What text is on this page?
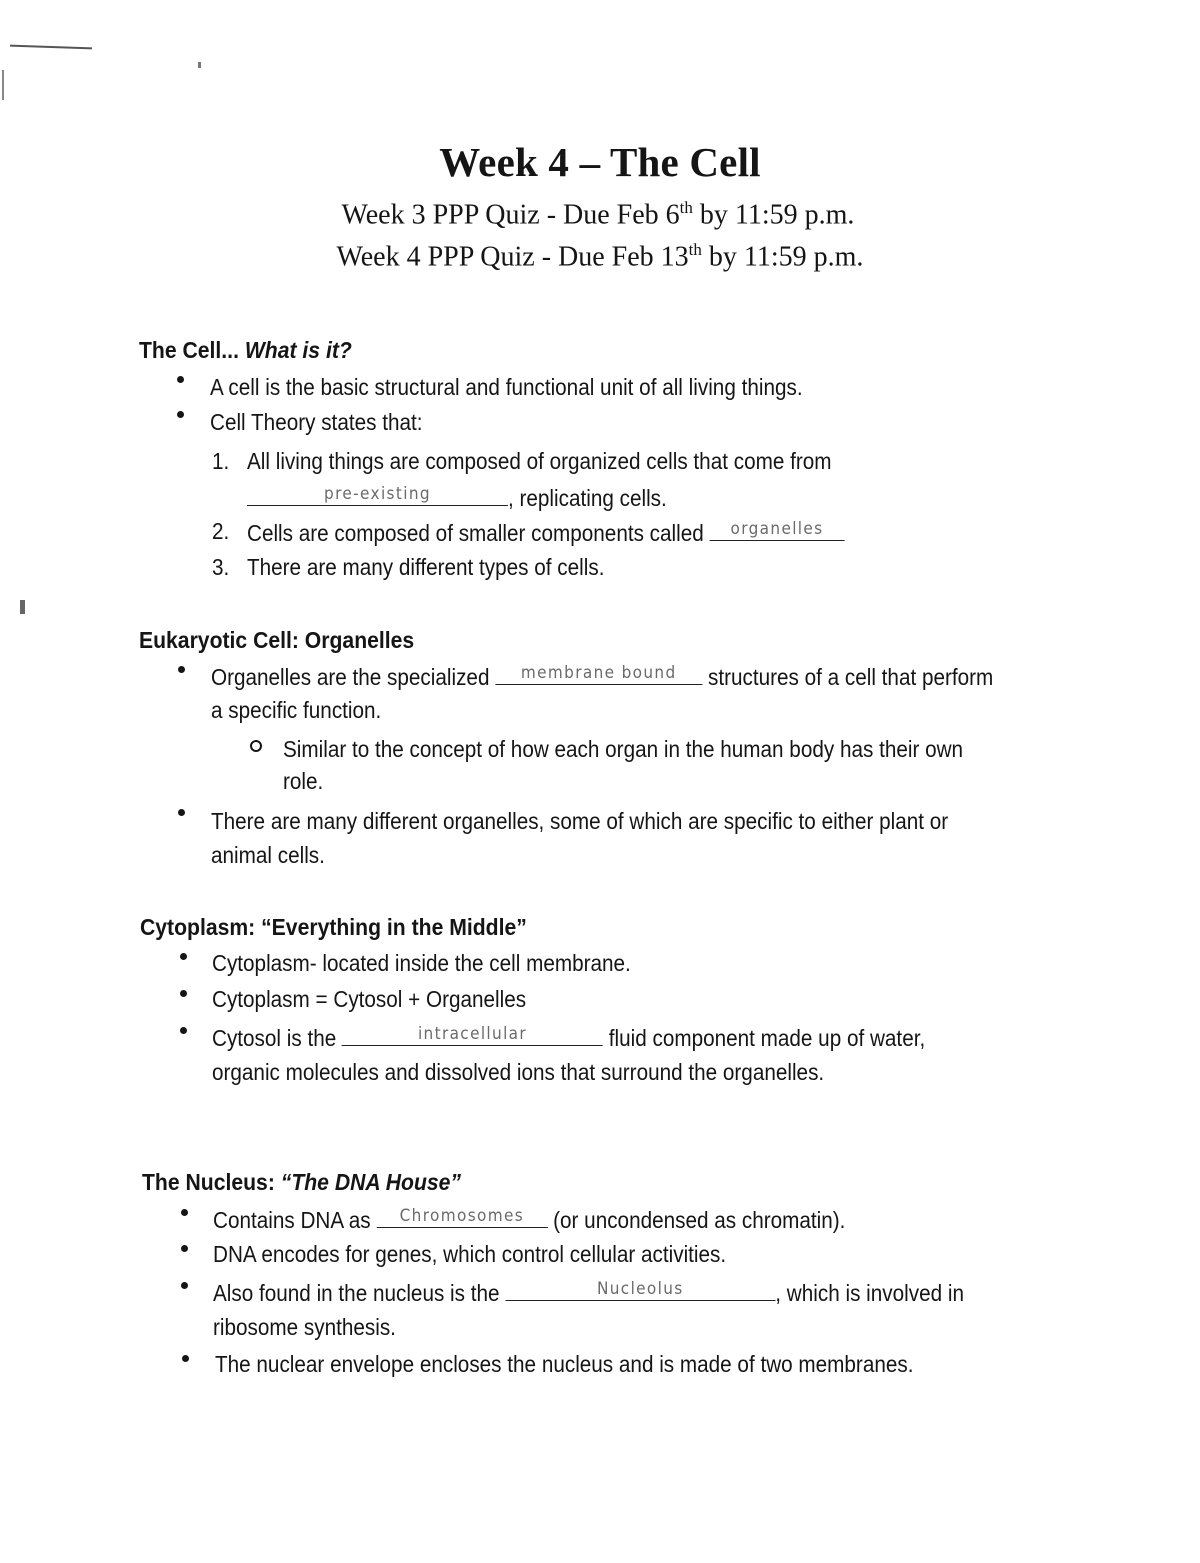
Week 4 – The Cell
Week 3 PPP Quiz - Due Feb 6th by 11:59 p.m.
Week 4 PPP Quiz - Due Feb 13th by 11:59 p.m.
The Cell... What is it?
A cell is the basic structural and functional unit of all living things.
Cell Theory states that:
1. All living things are composed of organized cells that come from
pre-existing	, replicating cells.
2. Cells are composed of smaller components called	organelles
3. There are many different types of cells.
Eukaryotic Cell: Organelles
Organelles are the specialized	membrane bound	structures of a cell that perform
a specific function.
Similar to the concept of how each organ in the human body has their own
role.
There are many different organelles, some of which are specific to either plant or
animal cells.
Cytoplasm: “Everything in the Middle”
Cytoplasm- located inside the cell membrane.
Cytoplasm = Cytosol + Organelles
Cytosol is the	intracellular	fluid component made up of water,
organic molecules and dissolved ions that surround the organelles.
The Nucleus: “The DNA House”
Contains DNA as	Chromosomes	(or uncondensed as chromatin).
DNA encodes for genes, which control cellular activities.
Also found in the nucleus is the	Nucleolus	, which is involved in
ribosome synthesis.
The nuclear envelope encloses the nucleus and is made of two membranes.
